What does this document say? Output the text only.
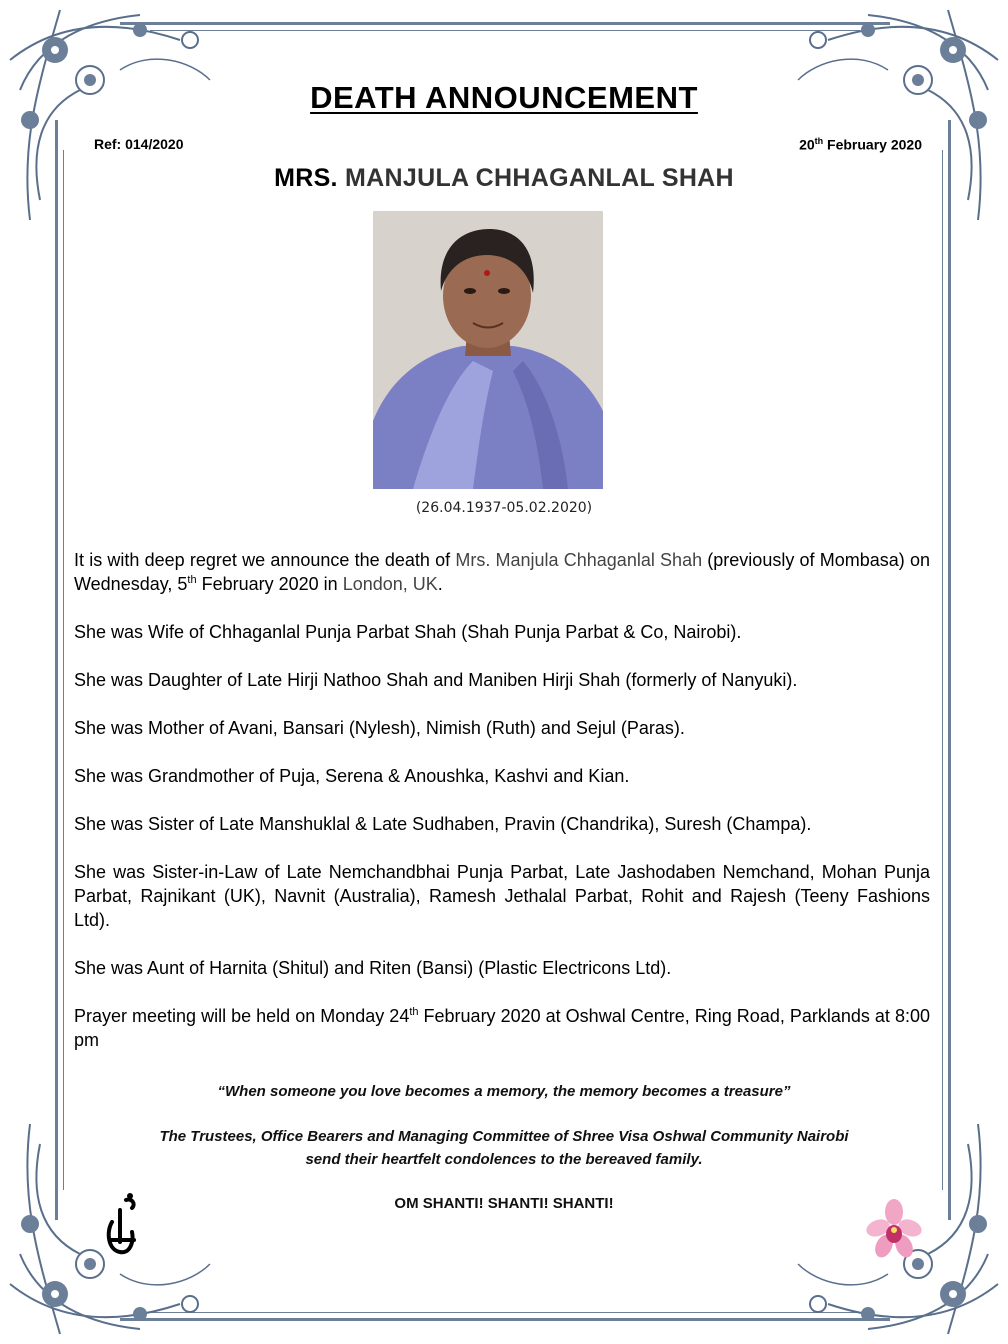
DEATH ANNOUNCEMENT
Ref: 014/2020	20th February 2020
MRS. MANJULA CHHAGANLAL SHAH
(26.04.1937-05.02.2020)

It is with deep regret we announce the death of Mrs. Manjula Chhaganlal Shah (previously of Mombasa) on Wednesday, 5th February 2020 in London, UK.

She was Wife of Chhaganlal Punja Parbat Shah (Shah Punja Parbat & Co, Nairobi).

She was Daughter of Late Hirji Nathoo Shah and Maniben Hirji Shah (formerly of Nanyuki).

She was Mother of Avani, Bansari (Nylesh), Nimish (Ruth) and Sejul (Paras).

She was Grandmother of Puja, Serena & Anoushka, Kashvi and Kian.

She was Sister of Late Manshuklal & Late Sudhaben, Pravin (Chandrika), Suresh (Champa).

She was Sister-in-Law of Late Nemchandbhai Punja Parbat, Late Jashodaben Nemchand, Mohan Punja Parbat, Rajnikant (UK), Navnit (Australia), Ramesh Jethalal Parbat, Rohit and Rajesh (Teeny Fashions Ltd).

She was Aunt of Harnita (Shitul) and Riten (Bansi) (Plastic Electricons Ltd).

Prayer meeting will be held on Monday 24th February 2020 at Oshwal Centre, Ring Road, Parklands at 8:00 pm

“When someone you love becomes a memory, the memory becomes a treasure”
The Trustees, Office Bearers and Managing Committee of Shree Visa Oshwal Community Nairobi
send their heartfelt condolences to the bereaved family.
OM SHANTI! SHANTI! SHANTI!
